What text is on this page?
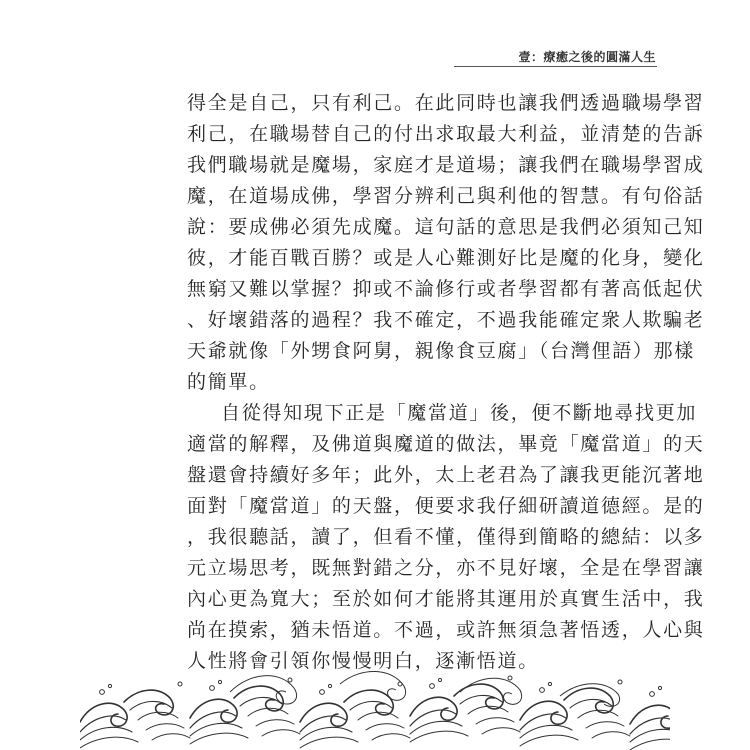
壹：療癒之後的圓滿人生
得全是自己，只有利己。在此同時也讓我們透過職場學習
利己，在職場替自己的付出求取最大利益，並清楚的告訴
我們職場就是魔場，家庭才是道場；讓我們在職場學習成
魔，在道場成佛，學習分辨利己與利他的智慧。有句俗話
說：要成佛必須先成魔。這句話的意思是我們必須知己知
彼，才能百戰百勝？或是人心難測好比是魔的化身，變化
無窮又難以掌握？抑或不論修行或者學習都有著高低起伏
、好壞錯落的過程？我不確定，不過我能確定衆人欺騙老
天爺就像「外甥食阿舅，親像食豆腐」（台灣俚語）那樣
的簡單。
自從得知現下正是「魔當道」後，便不斷地尋找更加
適當的解釋，及佛道與魔道的做法，畢竟「魔當道」的天
盤還會持續好多年；此外，太上老君為了讓我更能沉著地
面對「魔當道」的天盤，便要求我仔細研讀道德經。是的
，我很聽話，讀了，但看不懂，僅得到簡略的總結：以多
元立場思考，既無對錯之分，亦不見好壞，全是在學習讓
內心更為寬大；至於如何才能將其運用於真實生活中，我
尚在摸索，猶未悟道。不過，或許無須急著悟透，人心與
人性將會引領你慢慢明白，逐漸悟道。
